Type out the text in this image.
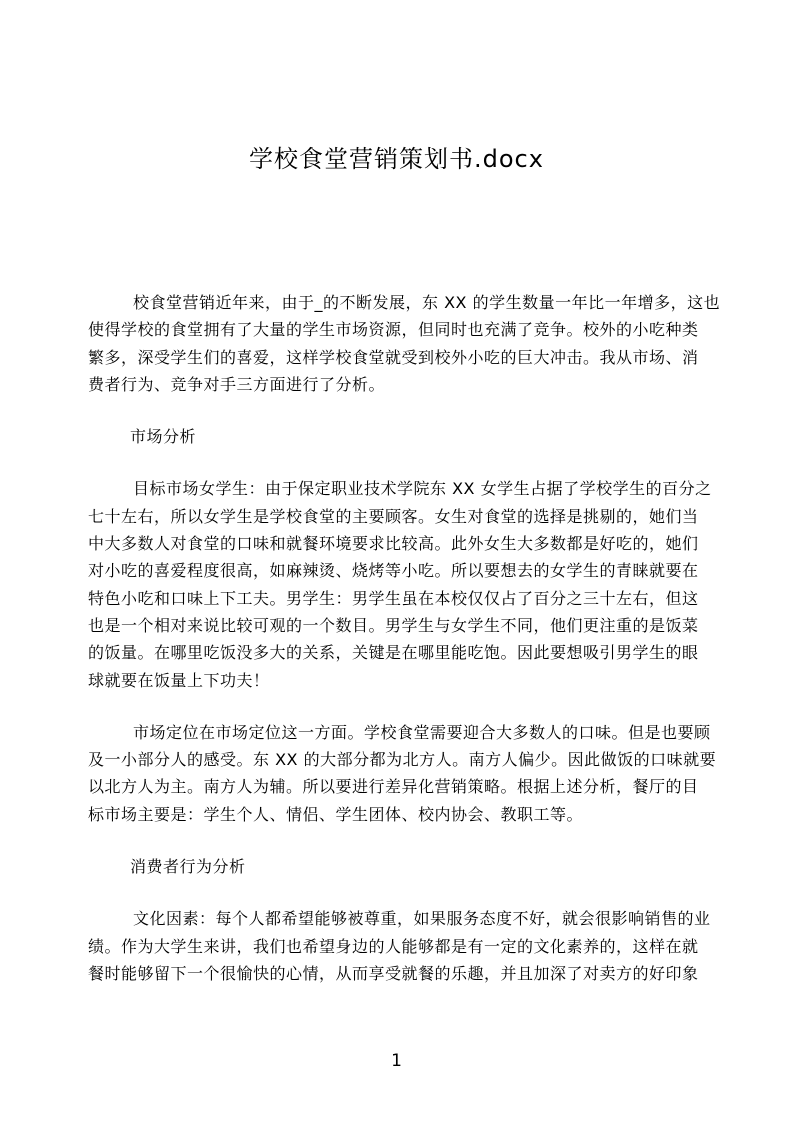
学校食堂营销策划书.docx
校食堂营销近年来，由于_的不断发展，东 XX 的学生数量一年比一年增多，这也
使得学校的食堂拥有了大量的学生市场资源，但同时也充满了竞争。校外的小吃种类
繁多，深受学生们的喜爱，这样学校食堂就受到校外小吃的巨大冲击。我从市场、消
费者行为、竞争对手三方面进行了分析。
市场分析
目标市场女学生：由于保定职业技术学院东 XX 女学生占据了学校学生的百分之
七十左右，所以女学生是学校食堂的主要顾客。女生对食堂的选择是挑剔的，她们当
中大多数人对食堂的口味和就餐环境要求比较高。此外女生大多数都是好吃的，她们
对小吃的喜爱程度很高，如麻辣烫、烧烤等小吃。所以要想去的女学生的青睐就要在
特色小吃和口味上下工夫。男学生：男学生虽在本校仅仅占了百分之三十左右，但这
也是一个相对来说比较可观的一个数目。男学生与女学生不同，他们更注重的是饭菜
的饭量。在哪里吃饭没多大的关系，关键是在哪里能吃饱。因此要想吸引男学生的眼
球就要在饭量上下功夫！
市场定位在市场定位这一方面。学校食堂需要迎合大多数人的口味。但是也要顾
及一小部分人的感受。东 XX 的大部分都为北方人。南方人偏少。因此做饭的口味就要
以北方人为主。南方人为辅。所以要进行差异化营销策略。根据上述分析，餐厅的目
标市场主要是：学生个人、情侣、学生团体、校内协会、教职工等。
消费者行为分析
文化因素：每个人都希望能够被尊重，如果服务态度不好，就会很影响销售的业
绩。作为大学生来讲，我们也希望身边的人能够都是有一定的文化素养的，这样在就
餐时能够留下一个很愉快的心情，从而享受就餐的乐趣，并且加深了对卖方的好印象
1
